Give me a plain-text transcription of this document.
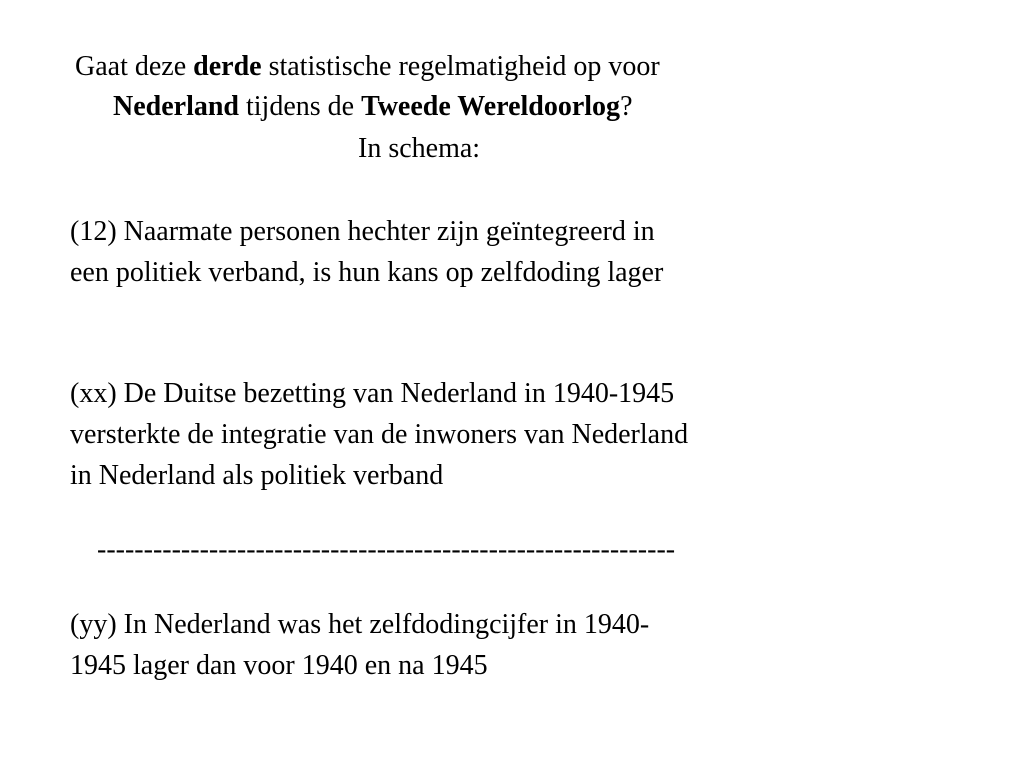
Gaat deze derde statistische regelmatigheid op voor

Nederland tijdens de Tweede Wereldoorlog?

In schema:

(12) Naarmate personen hechter zijn geïntegreerd in

een politiek verband, is hun kans op zelfdoding lager

(xx) De Duitse bezetting van Nederland in 1940-1945

versterkte de integratie van de inwoners van Nederland

in Nederland als politiek verband

--------------------------------------------------------------

(yy) In Nederland was het zelfdodingcijfer in 1940-

1945 lager dan voor 1940 en na 1945
